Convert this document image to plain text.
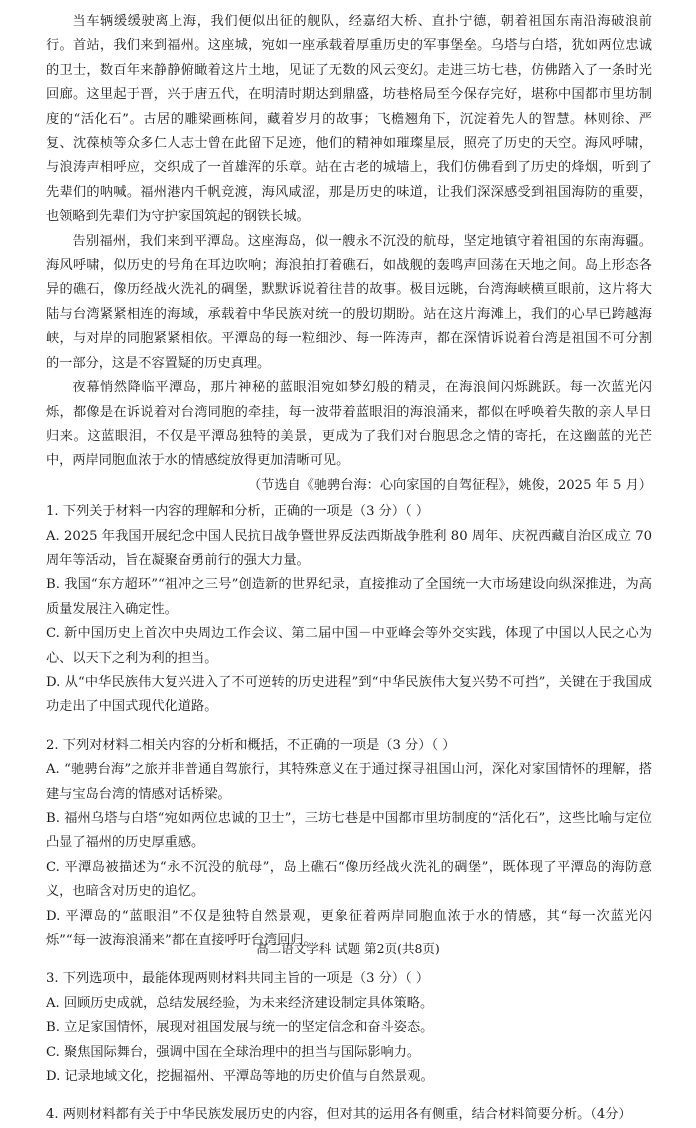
当车辆缓缓驶离上海，我们便似出征的舰队，经嘉绍大桥、直扑宁德，朝着祖国东南沿海破浪前行。首站，我们来到福州。这座城，宛如一座承载着厚重历史的军事堡垒。乌塔与白塔，犹如两位忠诚的卫士，数百年来静静俯瞰着这片土地，见证了无数的风云变幻。走进三坊七巷，仿佛踏入了一条时光回廊。这里起于晋，兴于唐五代，在明清时期达到鼎盛，坊巷格局至今保存完好，堪称中国都市里坊制度的“活化石”。古居的雕梁画栋间，藏着岁月的故事；飞檐翘角下，沉淀着先人的智慧。林则徐、严复、沈葆桢等众多仁人志士曾在此留下足迹，他们的精神如璀璨星辰，照亮了历史的天空。海风呼啸，与浪涛声相呼应，交织成了一首雄浑的乐章。站在古老的城墙上，我们仿佛看到了历史的烽烟，听到了先辈们的呐喊。福州港内千帆竞渡，海风咸涩，那是历史的味道，让我们深深感受到祖国海防的重要，也领略到先辈们为守护家国筑起的钢铁长城。

告别福州，我们来到平潭岛。这座海岛，似一艘永不沉没的航母，坚定地镇守着祖国的东南海疆。海风呼啸，似历史的号角在耳边吹响；海浪拍打着礁石，如战舰的轰鸣声回荡在天地之间。岛上形态各异的礁石，像历经战火洗礼的碉堡，默默诉说着往昔的故事。极目远眺，台湾海峡横亘眼前，这片将大陆与台湾紧紧相连的海域，承载着中华民族对统一的殷切期盼。站在这片海滩上，我们的心早已跨越海峡，与对岸的同胞紧紧相依。平潭岛的每一粒细沙、每一阵涛声，都在深情诉说着台湾是祖国不可分割的一部分，这是不容置疑的历史真理。

夜幕悄然降临平潭岛，那片神秘的蓝眼泪宛如梦幻般的精灵，在海浪间闪烁跳跃。每一次蓝光闪烁，都像是在诉说着对台湾同胞的牵挂，每一波带着蓝眼泪的海浪涌来，都似在呼唤着失散的亲人早日归来。这蓝眼泪，不仅是平潭岛独特的美景，更成为了我们对台胞思念之情的寄托，在这幽蓝的光芒中，两岸同胞血浓于水的情感绽放得更加清晰可见。

（节选自《驰骋台海：心向家国的自驾征程》，姚俊，2025 年 5 月）

1. 下列关于材料一内容的理解和分析，正确的一项是（3 分）（ ）

A. 2025 年我国开展纪念中国人民抗日战争暨世界反法西斯战争胜利 80 周年、庆祝西藏自治区成立 70 周年等活动，旨在凝聚奋勇前行的强大力量。

B. 我国“东方超环”“祖冲之三号”创造新的世界纪录，直接推动了全国统一大市场建设向纵深推进，为高质量发展注入确定性。

C. 新中国历史上首次中央周边工作会议、第二届中国－中亚峰会等外交实践，体现了中国以人民之心为心、以天下之利为利的担当。

D. 从“中华民族伟大复兴进入了不可逆转的历史进程”到“中华民族伟大复兴势不可挡”，关键在于我国成功走出了中国式现代化道路。

2. 下列对材料二相关内容的分析和概括，不正确的一项是（3 分）（ ）

A. “驰骋台海”之旅并非普通自驾旅行，其特殊意义在于通过探寻祖国山河，深化对家国情怀的理解，搭建与宝岛台湾的情感对话桥梁。

B. 福州乌塔与白塔“宛如两位忠诚的卫士”，三坊七巷是中国都市里坊制度的“活化石”，这些比喻与定位凸显了福州的历史厚重感。

C. 平潭岛被描述为“永不沉没的航母”，岛上礁石“像历经战火洗礼的碉堡”，既体现了平潭岛的海防意义，也暗含对历史的追忆。

D. 平潭岛的“蓝眼泪”不仅是独特自然景观，更象征着两岸同胞血浓于水的情感，其“每一次蓝光闪烁”“每一波海浪涌来”都在直接呼吁台湾回归。

3. 下列选项中，最能体现两则材料共同主旨的一项是（3 分）（ ）

A. 回顾历史成就，总结发展经验，为未来经济建设制定具体策略。

B. 立足家国情怀，展现对祖国发展与统一的坚定信念和奋斗姿态。

C. 聚焦国际舞台，强调中国在全球治理中的担当与国际影响力。

D. 记录地域文化，挖掘福州、平潭岛等地的历史价值与自然景观。

4. 两则材料都有关于中华民族发展历史的内容，但对其的运用各有侧重，结合材料简要分析。（4分）

高二语文学科 试题 第2页(共8页)
